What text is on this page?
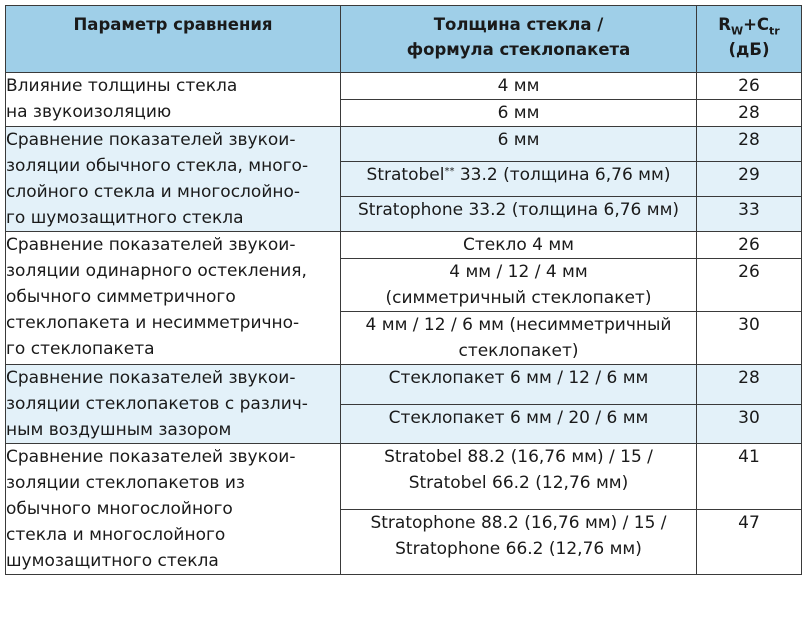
Параметр сравнения	Толщина стекла /
формула стеклопакета	$R_W+C_{tr}$
(дБ)

Влияние толщины стекла
на звукоизоляцию	4 мм	26

	6 мм	28

Сравнение показателей звукои-
золяции обычного стекла, много-
слойного стекла и многослойно-
го шумозащитного стекла	6 мм	28

	Stratobel** 33.2 (толщина 6,76 мм)	29

	Stratophone 33.2 (толщина 6,76 мм)	33

Сравнение показателей звукои-
золяции одинарного остекления,
обычного симметричного
стеклопакета и несимметрично-
го стеклопакета	Стекло 4 мм	26

	4 мм / 12 / 4 мм
(симметричный стеклопакет)	26

	4 мм / 12 / 6 мм (несимметричный
стеклопакет)	30

Сравнение показателей звукои-
золяции стеклопакетов с различ-
ным воздушным зазором	Стеклопакет 6 мм / 12 / 6 мм	28

	Стеклопакет 6 мм / 20 / 6 мм	30

Сравнение показателей звукои-
золяции стеклопакетов из
обычного многослойного
стекла и многослойного
шумозащитного стекла	Stratobel 88.2 (16,76 мм) / 15 /
Stratobel 66.2 (12,76 мм)	41

	Stratophone 88.2 (16,76 мм) / 15 /
Stratophone 66.2 (12,76 мм)	47
